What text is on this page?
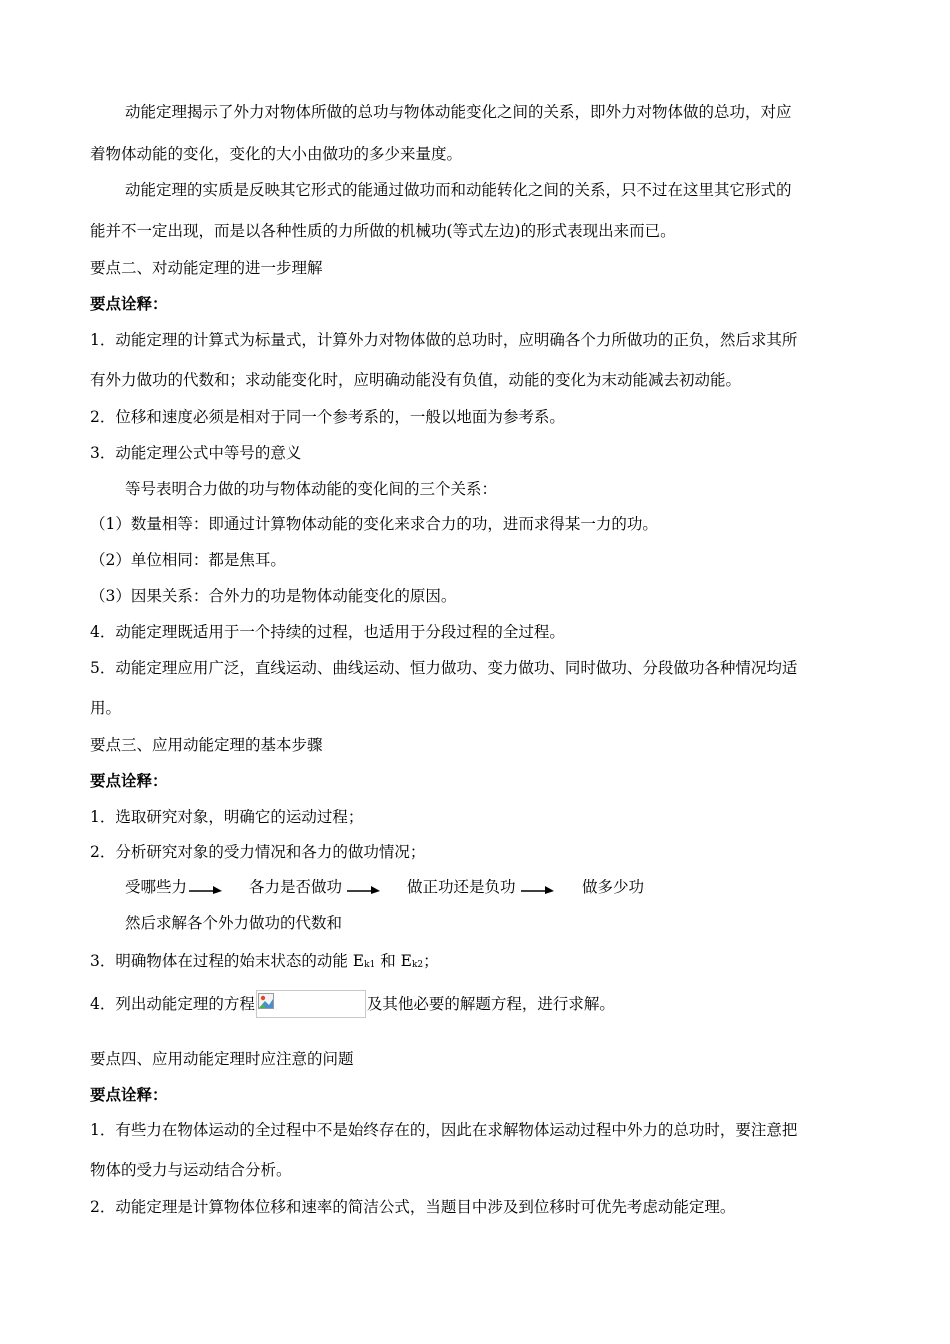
动能定理揭示了外力对物体所做的总功与物体动能变化之间的关系，即外力对物体做的总功，对应
着物体动能的变化，变化的大小由做功的多少来量度。
动能定理的实质是反映其它形式的能通过做功而和动能转化之间的关系，只不过在这里其它形式的
能并不一定出现，而是以各种性质的力所做的机械功(等式左边)的形式表现出来而已。
要点二、对动能定理的进一步理解
要点诠释：
1．动能定理的计算式为标量式，计算外力对物体做的总功时，应明确各个力所做功的正负，然后求其所
有外力做功的代数和；求动能变化时，应明确动能没有负值，动能的变化为末动能减去初动能。
2．位移和速度必须是相对于同一个参考系的，一般以地面为参考系。
3．动能定理公式中等号的意义
等号表明合力做的功与物体动能的变化间的三个关系：
（1）数量相等：即通过计算物体动能的变化来求合力的功，进而求得某一力的功。
（2）单位相同：都是焦耳。
（3）因果关系：合外力的功是物体动能变化的原因。
4．动能定理既适用于一个持续的过程，也适用于分段过程的全过程。
5．动能定理应用广泛，直线运动、曲线运动、恒力做功、变力做功、同时做功、分段做功各种情况均适
用。
要点三、应用动能定理的基本步骤
要点诠释：
1．选取研究对象，明确它的运动过程；
2．分析研究对象的受力情况和各力的做功情况；
受哪些力	各力是否做功	做正功还是负功	做多少功
然后求解各个外力做功的代数和
3．明确物体在过程的始末状态的动能 $E_{k1}$ 和 $E_{k2}$；
4．列出动能定理的方程	及其他必要的解题方程，进行求解。
要点四、应用动能定理时应注意的问题
要点诠释：
1．有些力在物体运动的全过程中不是始终存在的，因此在求解物体运动过程中外力的总功时，要注意把
物体的受力与运动结合分析。
2．动能定理是计算物体位移和速率的简洁公式，当题目中涉及到位移时可优先考虑动能定理。
